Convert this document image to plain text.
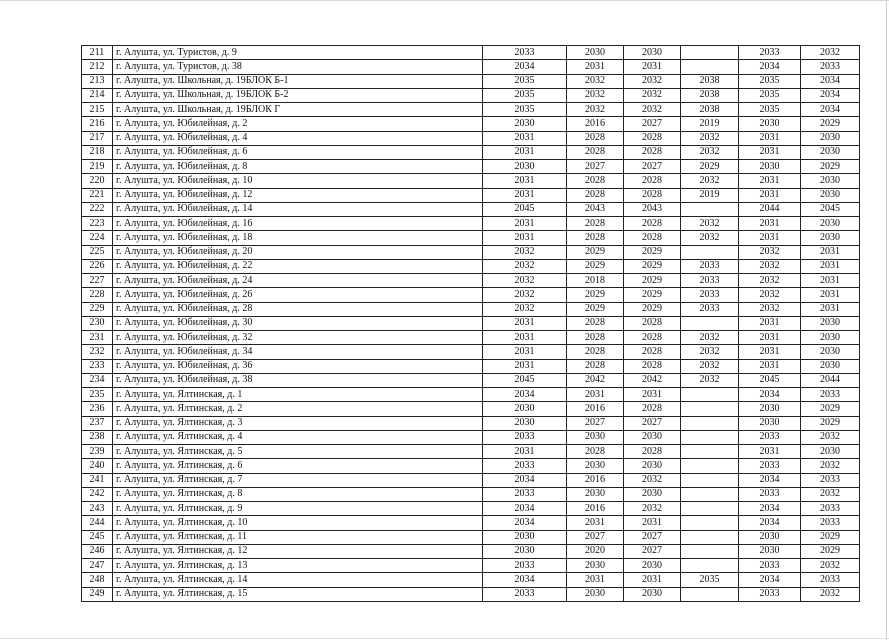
211	г. Алушта, ул. Туристов, д. 9	2033	2030	2030		2033	2032
212	г. Алушта, ул. Туристов, д. 38	2034	2031	2031		2034	2033
213	г. Алушта, ул. Школьная, д. 19БЛОК Б-1	2035	2032	2032	2038	2035	2034
214	г. Алушта, ул. Школьная, д. 19БЛОК Б-2	2035	2032	2032	2038	2035	2034
215	г. Алушта, ул. Школьная, д. 19БЛОК Г	2035	2032	2032	2038	2035	2034
216	г. Алушта, ул. Юбилейная, д. 2	2030	2016	2027	2019	2030	2029
217	г. Алушта, ул. Юбилейная, д. 4	2031	2028	2028	2032	2031	2030
218	г. Алушта, ул. Юбилейная, д. 6	2031	2028	2028	2032	2031	2030
219	г. Алушта, ул. Юбилейная, д. 8	2030	2027	2027	2029	2030	2029
220	г. Алушта, ул. Юбилейная, д. 10	2031	2028	2028	2032	2031	2030
221	г. Алушта, ул. Юбилейная, д. 12	2031	2028	2028	2019	2031	2030
222	г. Алушта, ул. Юбилейная, д. 14	2045	2043	2043		2044	2045
223	г. Алушта, ул. Юбилейная, д. 16	2031	2028	2028	2032	2031	2030
224	г. Алушта, ул. Юбилейная, д. 18	2031	2028	2028	2032	2031	2030
225	г. Алушта, ул. Юбилейная, д. 20	2032	2029	2029		2032	2031
226	г. Алушта, ул. Юбилейная, д. 22	2032	2029	2029	2033	2032	2031
227	г. Алушта, ул. Юбилейная, д. 24	2032	2018	2029	2033	2032	2031
228	г. Алушта, ул. Юбилейная, д. 26	2032	2029	2029	2033	2032	2031
229	г. Алушта, ул. Юбилейная, д. 28	2032	2029	2029	2033	2032	2031
230	г. Алушта, ул. Юбилейная, д. 30	2031	2028	2028		2031	2030
231	г. Алушта, ул. Юбилейная, д. 32	2031	2028	2028	2032	2031	2030
232	г. Алушта, ул. Юбилейная, д. 34	2031	2028	2028	2032	2031	2030
233	г. Алушта, ул. Юбилейная, д. 36	2031	2028	2028	2032	2031	2030
234	г. Алушта, ул. Юбилейная, д. 38	2045	2042	2042	2032	2045	2044
235	г. Алушта, ул. Ялтинская, д. 1	2034	2031	2031		2034	2033
236	г. Алушта, ул. Ялтинская, д. 2	2030	2016	2028		2030	2029
237	г. Алушта, ул. Ялтинская, д. 3	2030	2027	2027		2030	2029
238	г. Алушта, ул. Ялтинская, д. 4	2033	2030	2030		2033	2032
239	г. Алушта, ул. Ялтинская, д. 5	2031	2028	2028		2031	2030
240	г. Алушта, ул. Ялтинская, д. 6	2033	2030	2030		2033	2032
241	г. Алушта, ул. Ялтинская, д. 7	2034	2016	2032		2034	2033
242	г. Алушта, ул. Ялтинская, д. 8	2033	2030	2030		2033	2032
243	г. Алушта, ул. Ялтинская, д. 9	2034	2016	2032		2034	2033
244	г. Алушта, ул. Ялтинская, д. 10	2034	2031	2031		2034	2033
245	г. Алушта, ул. Ялтинская, д. 11	2030	2027	2027		2030	2029
246	г. Алушта, ул. Ялтинская, д. 12	2030	2020	2027		2030	2029
247	г. Алушта, ул. Ялтинская, д. 13	2033	2030	2030		2033	2032
248	г. Алушта, ул. Ялтинская, д. 14	2034	2031	2031	2035	2034	2033
249	г. Алушта, ул. Ялтинская, д. 15	2033	2030	2030		2033	2032
